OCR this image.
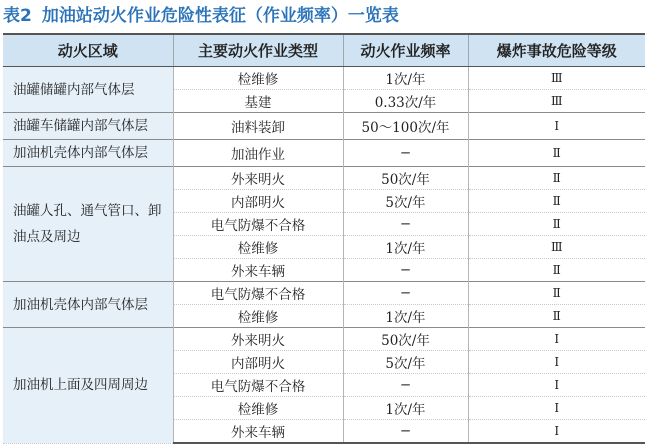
表2 加油站动火作业危险性表征（作业频率）一览表
动火区域	主要动火作业类型	动火作业频率	爆炸事故危险等级
油罐储罐内部气体层	检维修	1次/年	Ⅲ
	基建	0.33次/年	Ⅲ
油罐车储罐内部气体层	油料装卸	50～100次/年	Ⅰ
加油机壳体内部气体层	加油作业	−	Ⅱ
油罐人孔、通气管口、卸油点及周边	外来明火	50次/年	Ⅱ
	内部明火	5次/年	Ⅱ
	电气防爆不合格	−	Ⅱ
	检维修	1次/年	Ⅲ
	外来车辆	−	Ⅱ
加油机壳体内部气体层	电气防爆不合格	−	Ⅱ
	检维修	1次/年	Ⅱ
加油机上面及四周周边	外来明火	50次/年	Ⅰ
	内部明火	5次/年	Ⅰ
	电气防爆不合格	−	Ⅰ
	检维修	1次/年	Ⅰ
	外来车辆	−	Ⅰ
